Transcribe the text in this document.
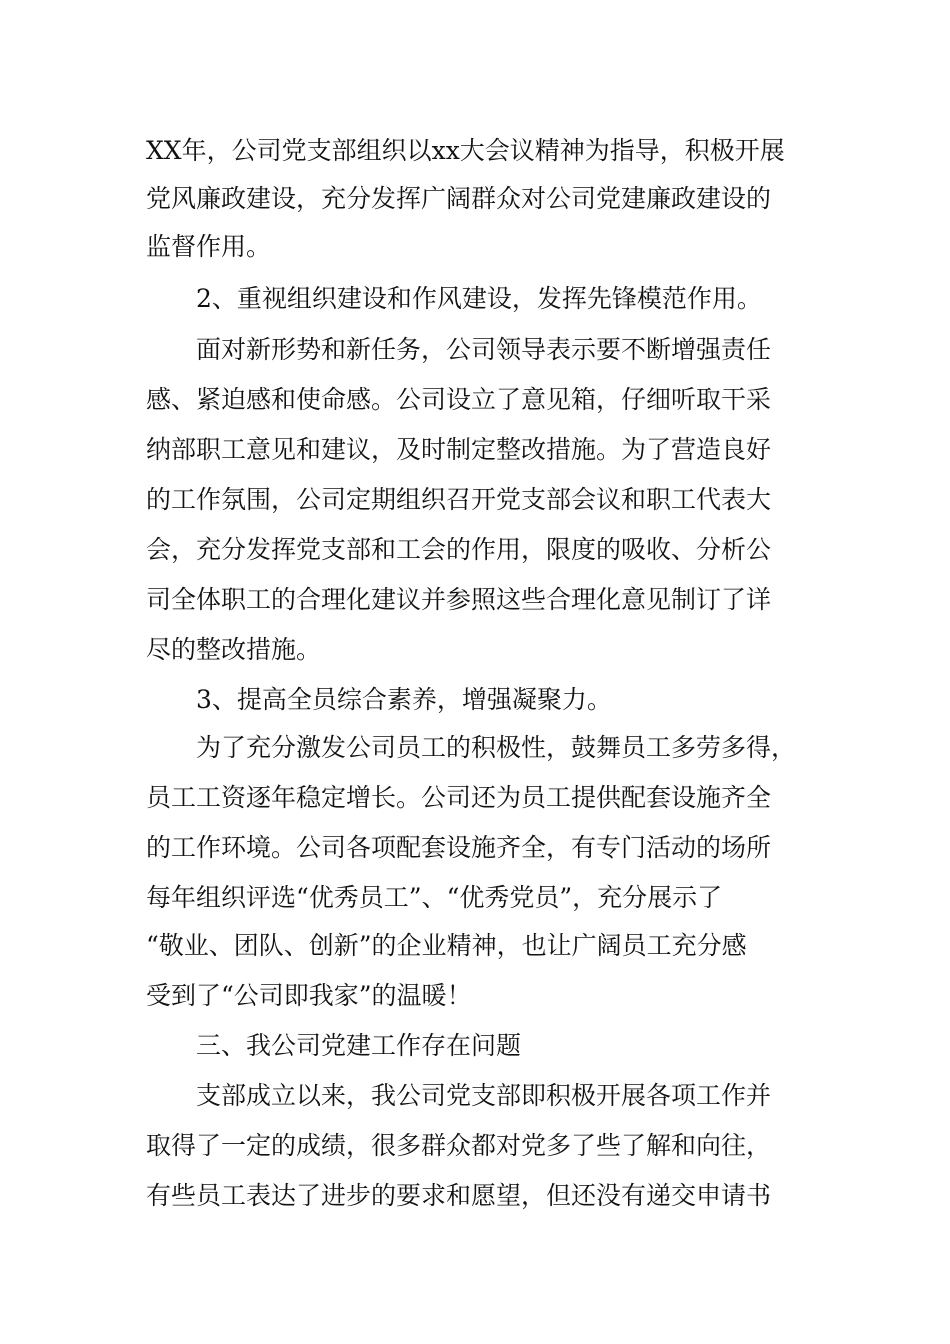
XX年，公司党支部组织以xx大会议精神为指导，积极开展
党风廉政建设，充分发挥广阔群众对公司党建廉政建设的
监督作用。
2、重视组织建设和作风建设，发挥先锋模范作用。
面对新形势和新任务，公司领导表示要不断增强责任
感、紧迫感和使命感。公司设立了意见箱，仔细听取干采
纳部职工意见和建议，及时制定整改措施。为了营造良好
的工作氛围，公司定期组织召开党支部会议和职工代表大
会，充分发挥党支部和工会的作用，限度的吸收、分析公
司全体职工的合理化建议并参照这些合理化意见制订了详
尽的整改措施。
3、提高全员综合素养，增强凝聚力。
为了充分激发公司员工的积极性，鼓舞员工多劳多得，
员工工资逐年稳定增长。公司还为员工提供配套设施齐全
的工作环境。公司各项配套设施齐全，有专门活动的场所
每年组织评选“优秀员工”、“优秀党员”，充分展示了
“敬业、团队、创新”的企业精神，也让广阔员工充分感
受到了“公司即我家”的温暖！
三、我公司党建工作存在问题
支部成立以来，我公司党支部即积极开展各项工作并
取得了一定的成绩，很多群众都对党多了些了解和向往，
有些员工表达了进步的要求和愿望，但还没有递交申请书
